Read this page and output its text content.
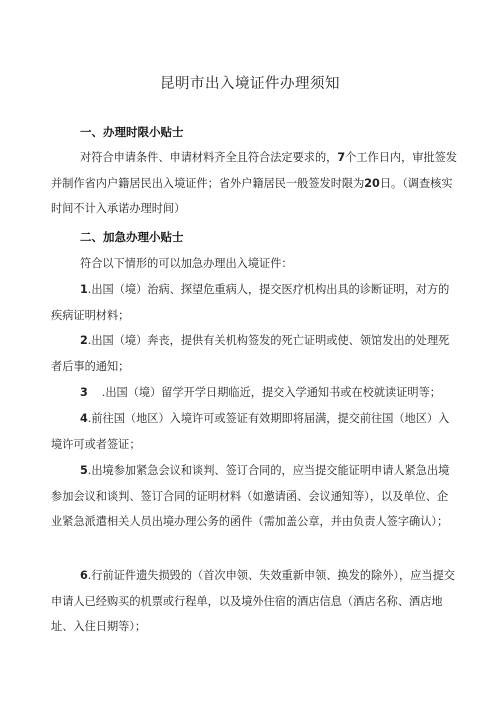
昆明市出入境证件办理须知
一、办理时限小贴士
对符合申请条件、申请材料齐全且符合法定要求的，7个工作日内，审批签发并制作省内户籍居民出入境证件；省外户籍居民一般签发时限为20日。（调查核实时间不计入承诺办理时间）
二、加急办理小贴士
符合以下情形的可以加急办理出入境证件：
1.出国（境）治病、探望危重病人，提交医疗机构出具的诊断证明，对方的疾病证明材料；
2.出国（境）奔丧，提供有关机构签发的死亡证明或使、领馆发出的处理死者后事的通知；
3 .出国（境）留学开学日期临近，提交入学通知书或在校就读证明等；
4.前往国（地区）入境许可或签证有效期即将届满，提交前往国（地区）入境许可或者签证；
5.出境参加紧急会议和谈判、签订合同的，应当提交能证明申请人紧急出境参加会议和谈判、签订合同的证明材料（如邀请函、会议通知等），以及单位、企业紧急派遣相关人员出境办理公务的函件（需加盖公章，并由负责人签字确认）；
6.行前证件遗失损毁的（首次申领、失效重新申领、换发的除外），应当提交申请人已经购买的机票或行程单，以及境外住宿的酒店信息（酒店名称、酒店地址、入住日期等）；
